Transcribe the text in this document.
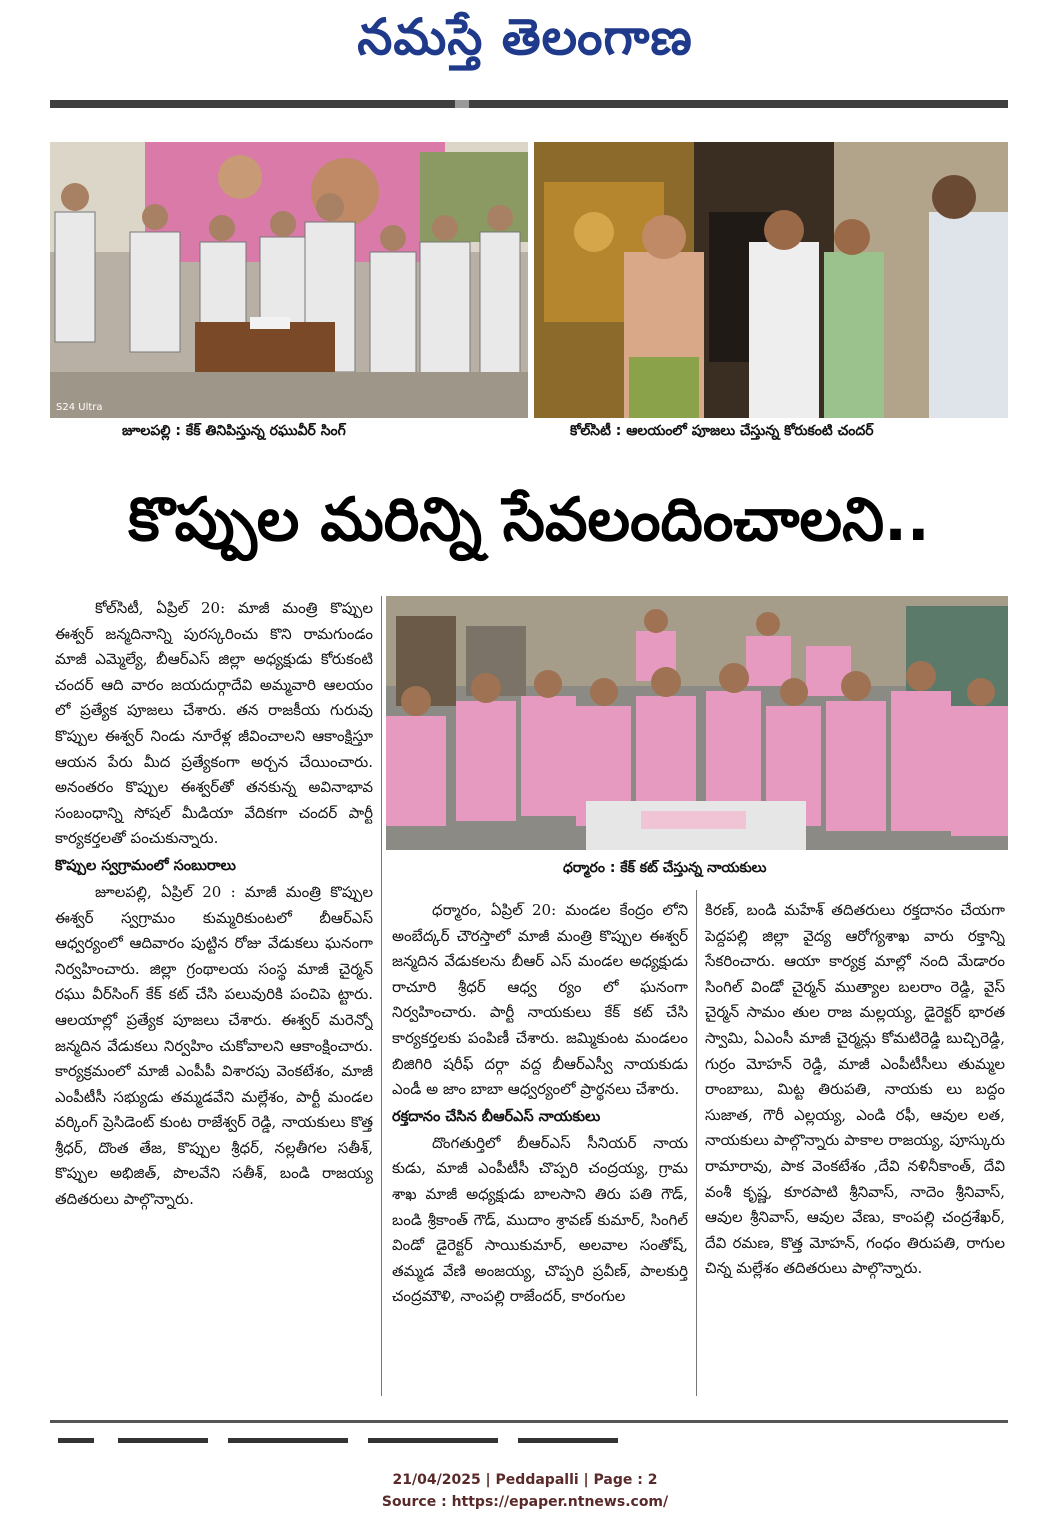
నమస్తే తెలంగాణ
S24 Ultra
జూలపల్లి : కేక్ తినిపిస్తున్న రఘువీర్ సింగ్	కోల్‌సిటీ : ఆలయంలో పూజలు చేస్తున్న కోరుకంటి చందర్
కొప్పుల మరిన్ని సేవలందించాలని..
ధర్మారం : కేక్ కట్ చేస్తున్న నాయకులు

కోల్‌సిటీ, ఏప్రిల్ 20: మాజీ మంత్రి కొప్పుల ఈశ్వర్ జన్మదినాన్ని పురస్కరించు కొని రామగుండం మాజీ ఎమ్మెల్యే, బీఆర్ఎస్ జిల్లా అధ్యక్షుడు కోరుకంటి చందర్ ఆది వారం జయదుర్గాదేవి అమ్మవారి ఆలయం లో ప్రత్యేక పూజలు చేశారు. తన రాజకీయ గురువు కొప్పుల ఈశ్వర్ నిండు నూరేళ్ల జీవించాలని ఆకాంక్షిస్తూ ఆయన పేరు మీద ప్రత్యేకంగా అర్చన చేయించారు. అనంతరం కొప్పుల ఈశ్వర్‌తో తనకున్న అవినాభావ సంబంధాన్ని సోషల్ మీడియా వేదికగా చందర్ పార్టీ కార్యకర్తలతో పంచుకున్నారు.

కొప్పుల స్వగ్రామంలో సంబురాలు

జూలపల్లి, ఏప్రిల్ 20 : మాజీ మంత్రి కొప్పుల ఈశ్వర్ స్వగ్రామం కుమ్మరికుంటలో బీఆర్ఎస్ ఆధ్వర్యంలో ఆదివారం పుట్టిన రోజు వేడుకలు ఘనంగా నిర్వహించారు. జిల్లా గ్రంథాలయ సంస్థ మాజీ చైర్మన్ రఘు వీర్‌సింగ్ కేక్ కట్ చేసి పలువురికి పంచిపె ట్టారు. ఆలయాల్లో ప్రత్యేక పూజలు చేశారు. ఈశ్వర్ మరెన్నో జన్మదిన వేడుకలు నిర్వహిం చుకోవాలని ఆకాంక్షించారు. కార్యక్రమంలో మాజీ ఎంపీపీ విశారపు వెంకటేశం, మాజీ ఎంపీటీసీ సభ్యుడు తమ్మడవేని మల్లేశం, పార్టీ మండల వర్కింగ్ ప్రెసిడెంట్ కుంట రాజేశ్వర్ రెడ్డి, నాయకులు కొత్త శ్రీధర్, దొంత తేజ, కొప్పుల శ్రీధర్, నల్లతీగల సతీశ్, కొప్పుల అభిజిత్, పొలవేని సతీశ్, బండి రాజయ్య తదితరులు పాల్గొన్నారు.

ధర్మారం, ఏప్రిల్ 20: మండల కేంద్రం లోని అంబేద్కర్ చౌరస్తాలో మాజీ మంత్రి కొప్పుల ఈశ్వర్ జన్మదిన వేడుకలను బీఆర్ ఎస్ మండల అధ్యక్షుడు రాచూరి శ్రీధర్ ఆధ్వ ర్యం లో ఘనంగా నిర్వహించారు. పార్టీ నాయకులు కేక్ కట్ చేసి కార్యకర్తలకు పంపిణీ చేశారు. జమ్మికుంట మండలం బిజిగిరి షరీఫ్ దర్గా వద్ద బీఆర్ఎస్వీ నాయకుడు ఎండీ అ జాం బాబా ఆధ్వర్యంలో ప్రార్థనలు చేశారు.

రక్తదానం చేసిన బీఆర్ఎస్ నాయకులు

దొంగతుర్తిలో బీఆర్ఎస్ సీనియర్ నాయ కుడు, మాజీ ఎంపీటీసీ చొప్పరి చంద్రయ్య, గ్రామ శాఖ మాజీ అధ్యక్షుడు బాలసాని తిరు పతి గౌడ్, బండి శ్రీకాంత్ గౌడ్, ముదాం శ్రావణ్ కుమార్, సింగిల్ విండో డైరెక్టర్ సాయికుమార్, అలవాల సంతోష్, తమ్మడ వేణి అంజయ్య, చొప్పరి ప్రవీణ్, పాలకుర్తి చంద్రమౌళి, నాంపల్లి రాజేందర్, కారంగుల

కిరణ్, బండి మహేశ్ తదితరులు రక్తదానం చేయగా పెద్దపల్లి జిల్లా వైద్య ఆరోగ్యశాఖ వారు రక్తాన్ని సేకరించారు. ఆయా కార్యక్ర మాల్లో నంది మేడారం సింగిల్ విండో చైర్మన్ ముత్యాల బలరాం రెడ్డి, వైస్ చైర్మన్ సామం తుల రాజ మల్లయ్య, డైరెక్టర్ భారత స్వామి, ఏఎంసీ మాజీ చైర్మన్లు కోమటిరెడ్డి బుచ్చిరెడ్డి, గుర్రం మోహన్ రెడ్డి, మాజీ ఎంపీటీసీలు తుమ్మల రాంబాబు, మిట్ట తిరుపతి, నాయకు లు బద్దం సుజాత, గౌరీ ఎల్లయ్య, ఎండి రఫీ, ఆవుల లత, నాయకులు పాల్గొన్నారు పాకాల రాజయ్య, పూస్కురు రామారావు, పాక వెంకటేశం ,దేవి నళినీకాంత్, దేవి వంశీ కృష్ణ, కూరపాటి శ్రీనివాస్, నాదెం శ్రీనివాస్, ఆవుల శ్రీనివాస్, ఆవుల వేణు, కాంపల్లి చంద్రశేఖర్, దేవి రమణ, కొత్త మోహన్, గంధం తిరుపతి, రాగుల చిన్న మల్లేశం తదితరులు పాల్గొన్నారు.

21/04/2025 | Peddapalli | Page : 2
Source : https://epaper.ntnews.com/
